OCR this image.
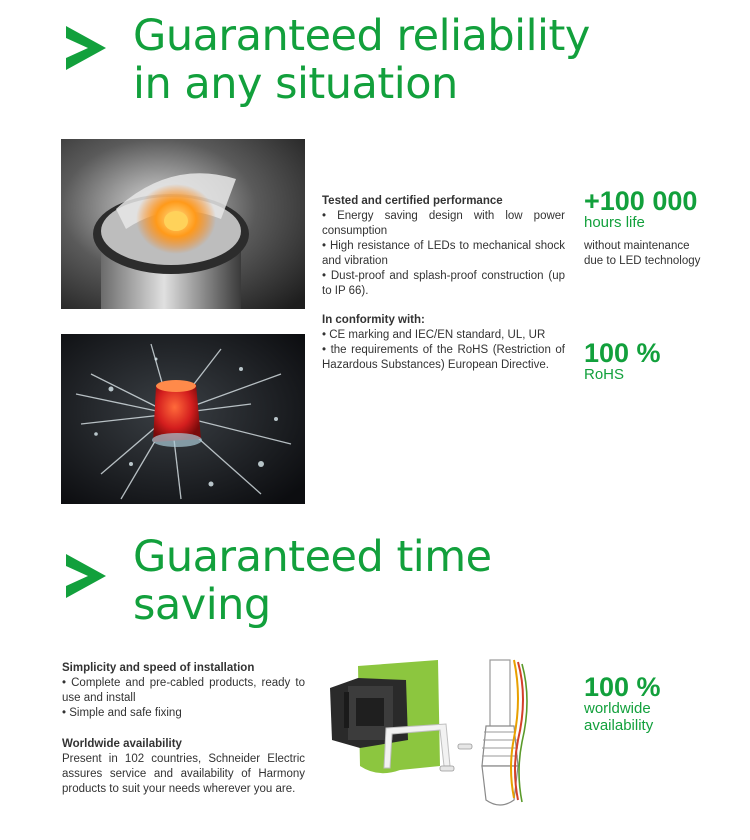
Guaranteed reliability
in any situation
Tested and certified performance
• Energy saving design with low power consumption
• High resistance of LEDs to mechanical shock and vibration
• Dust-proof and splash-proof construction (up to IP 66).
In conformity with:
• CE marking and IEC/EN standard, UL, UR
• the requirements of the RoHS (Restriction of Hazardous Substances) European Directive.
+100 000
hours life
without maintenance
due to LED technology
100 %
RoHS
Guaranteed time
saving
Simplicity and speed of installation
• Complete and pre-cabled products, ready to use and install
• Simple and safe fixing
Worldwide availability
Present in 102 countries, Schneider Electric assures service and availability of Harmony products to suit your needs wherever you are.
100 %
worldwide
availability
